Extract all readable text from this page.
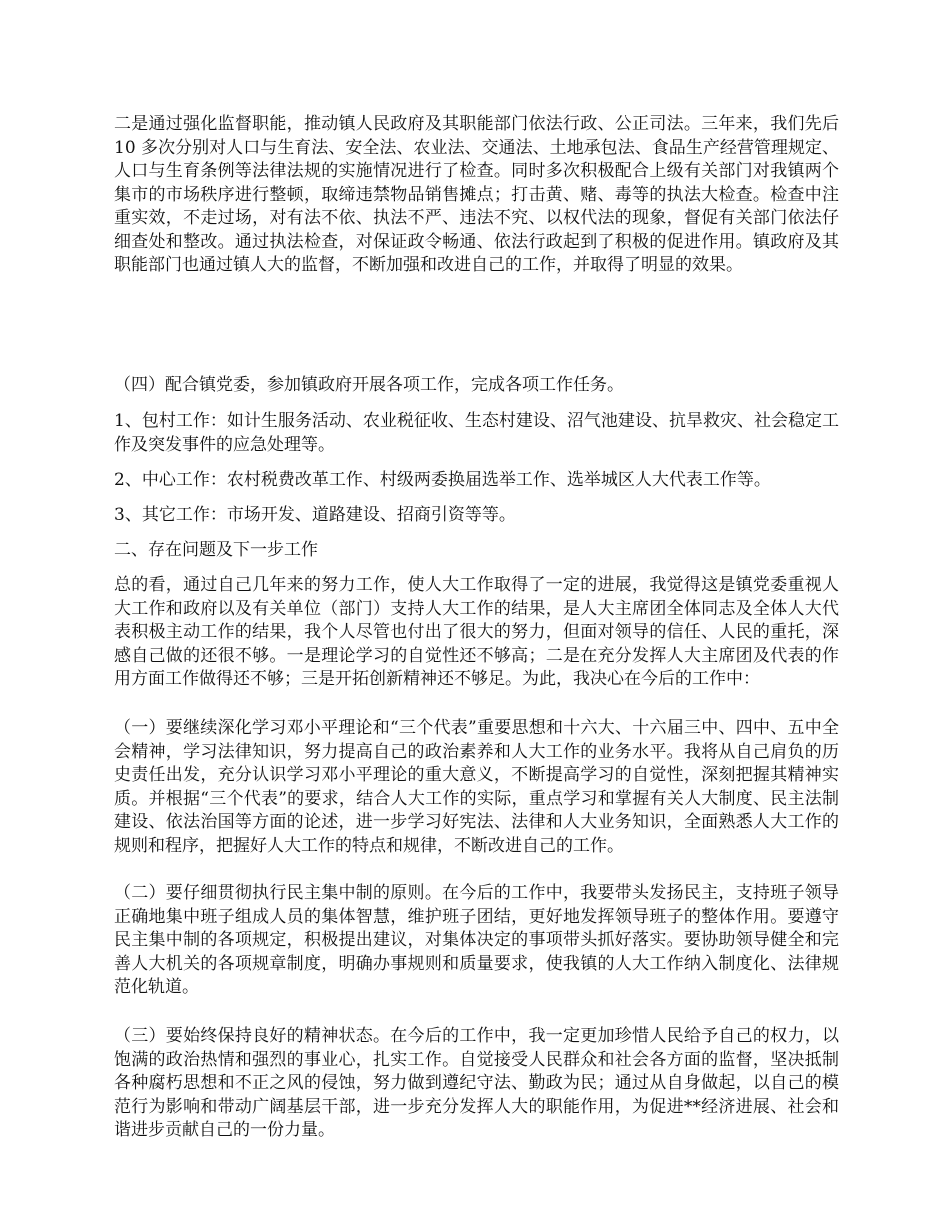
二是通过强化监督职能，推动镇人民政府及其职能部门依法行政、公正司法。三年来，我们先后 10 多次分别对人口与生育法、安全法、农业法、交通法、土地承包法、食品生产经营管理规定、人口与生育条例等法律法规的实施情况进行了检查。同时多次积极配合上级有关部门对我镇两个集市的市场秩序进行整顿，取缔违禁物品销售摊点；打击黄、赌、毒等的执法大检查。检查中注重实效，不走过场，对有法不依、执法不严、违法不究、以权代法的现象，督促有关部门依法仔细查处和整改。通过执法检查，对保证政令畅通、依法行政起到了积极的促进作用。镇政府及其职能部门也通过镇人大的监督，不断加强和改进自己的工作，并取得了明显的效果。

（四）配合镇党委，参加镇政府开展各项工作，完成各项工作任务。

1、包村工作：如计生服务活动、农业税征收、生态村建设、沼气池建设、抗旱救灾、社会稳定工作及突发事件的应急处理等。

2、中心工作：农村税费改革工作、村级两委换届选举工作、选举城区人大代表工作等。

3、其它工作：市场开发、道路建设、招商引资等等。

二、存在问题及下一步工作

总的看，通过自己几年来的努力工作，使人大工作取得了一定的进展，我觉得这是镇党委重视人大工作和政府以及有关单位（部门）支持人大工作的结果，是人大主席团全体同志及全体人大代表积极主动工作的结果，我个人尽管也付出了很大的努力，但面对领导的信任、人民的重托，深感自己做的还很不够。一是理论学习的自觉性还不够高；二是在充分发挥人大主席团及代表的作用方面工作做得还不够；三是开拓创新精神还不够足。为此，我决心在今后的工作中：

（一）要继续深化学习邓小平理论和“三个代表”重要思想和十六大、十六届三中、四中、五中全会精神，学习法律知识，努力提高自己的政治素养和人大工作的业务水平。我将从自己肩负的历史责任出发，充分认识学习邓小平理论的重大意义，不断提高学习的自觉性，深刻把握其精神实质。并根据“三个代表”的要求，结合人大工作的实际，重点学习和掌握有关人大制度、民主法制建设、依法治国等方面的论述，进一步学习好宪法、法律和人大业务知识，全面熟悉人大工作的规则和程序，把握好人大工作的特点和规律，不断改进自己的工作。

（二）要仔细贯彻执行民主集中制的原则。在今后的工作中，我要带头发扬民主，支持班子领导正确地集中班子组成人员的集体智慧，维护班子团结，更好地发挥领导班子的整体作用。要遵守民主集中制的各项规定，积极提出建议，对集体决定的事项带头抓好落实。要协助领导健全和完善人大机关的各项规章制度，明确办事规则和质量要求，使我镇的人大工作纳入制度化、法律规范化轨道。

（三）要始终保持良好的精神状态。在今后的工作中，我一定更加珍惜人民给予自己的权力，以饱满的政治热情和强烈的事业心，扎实工作。自觉接受人民群众和社会各方面的监督，坚决抵制各种腐朽思想和不正之风的侵蚀，努力做到遵纪守法、勤政为民；通过从自身做起，以自己的模范行为影响和带动广阔基层干部，进一步充分发挥人大的职能作用，为促进**经济进展、社会和谐进步贡献自己的一份力量。
